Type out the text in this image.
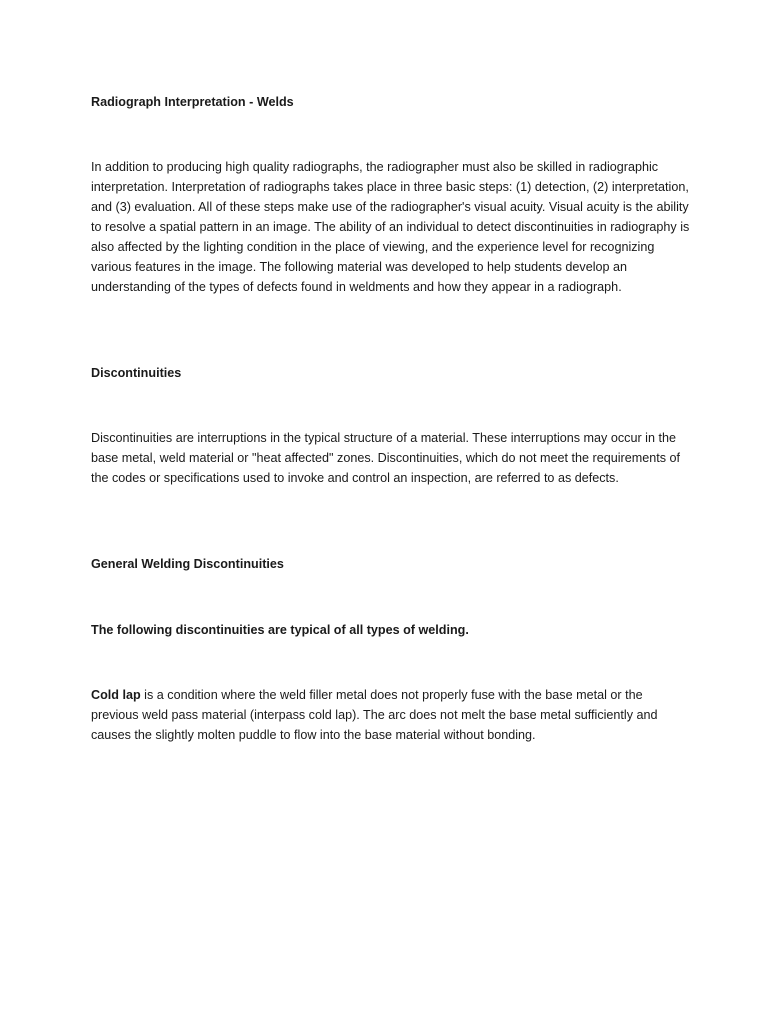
Radiograph Interpretation - Welds

In addition to producing high quality radiographs, the radiographer must also be skilled in radiographic interpretation. Interpretation of radiographs takes place in three basic steps: (1) detection, (2) interpretation, and (3) evaluation. All of these steps make use of the radiographer's visual acuity. Visual acuity is the ability to resolve a spatial pattern in an image. The ability of an individual to detect discontinuities in radiography is also affected by the lighting condition in the place of viewing, and the experience level for recognizing various features in the image. The following material was developed to help students develop an understanding of the types of defects found in weldments and how they appear in a radiograph.

Discontinuities

Discontinuities are interruptions in the typical structure of a material. These interruptions may occur in the base metal, weld material or "heat affected" zones. Discontinuities, which do not meet the requirements of the codes or specifications used to invoke and control an inspection, are referred to as defects.

General Welding Discontinuities

The following discontinuities are typical of all types of welding.

Cold lap is a condition where the weld filler metal does not properly fuse with the base metal or the previous weld pass material (interpass cold lap). The arc does not melt the base metal sufficiently and causes the slightly molten puddle to flow into the base material without bonding.
